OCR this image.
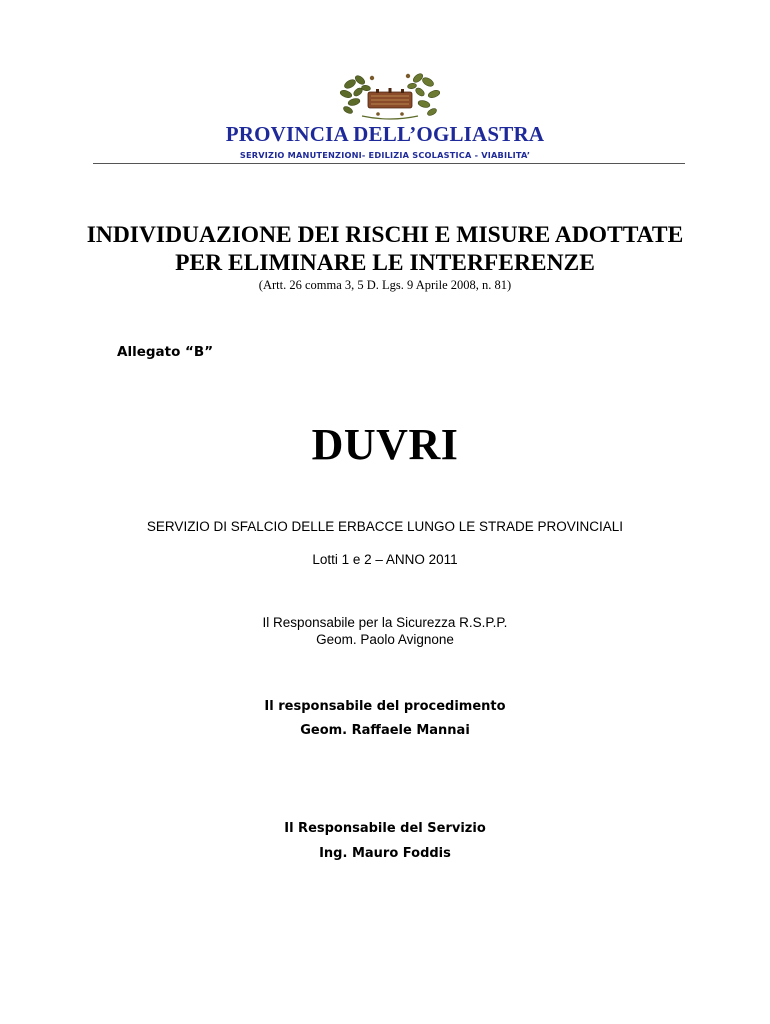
PROVINCIA DELL’OGLIASTRA
SERVIZIO MANUTENZIONI- EDILIZIA SCOLASTICA - VIABILITA’
INDIVIDUAZIONE DEI RISCHI E MISURE ADOTTATE
PER ELIMINARE LE INTERFERENZE
(Artt. 26 comma 3, 5 D. Lgs. 9 Aprile 2008, n. 81)
Allegato “B”
DUVRI
SERVIZIO DI SFALCIO DELLE ERBACCE LUNGO LE STRADE PROVINCIALI
Lotti 1 e 2 – ANNO 2011
Il Responsabile per la Sicurezza R.S.P.P.
Geom. Paolo Avignone
Il responsabile del procedimento
Geom. Raffaele Mannai
Il Responsabile del Servizio
Ing. Mauro Foddis
